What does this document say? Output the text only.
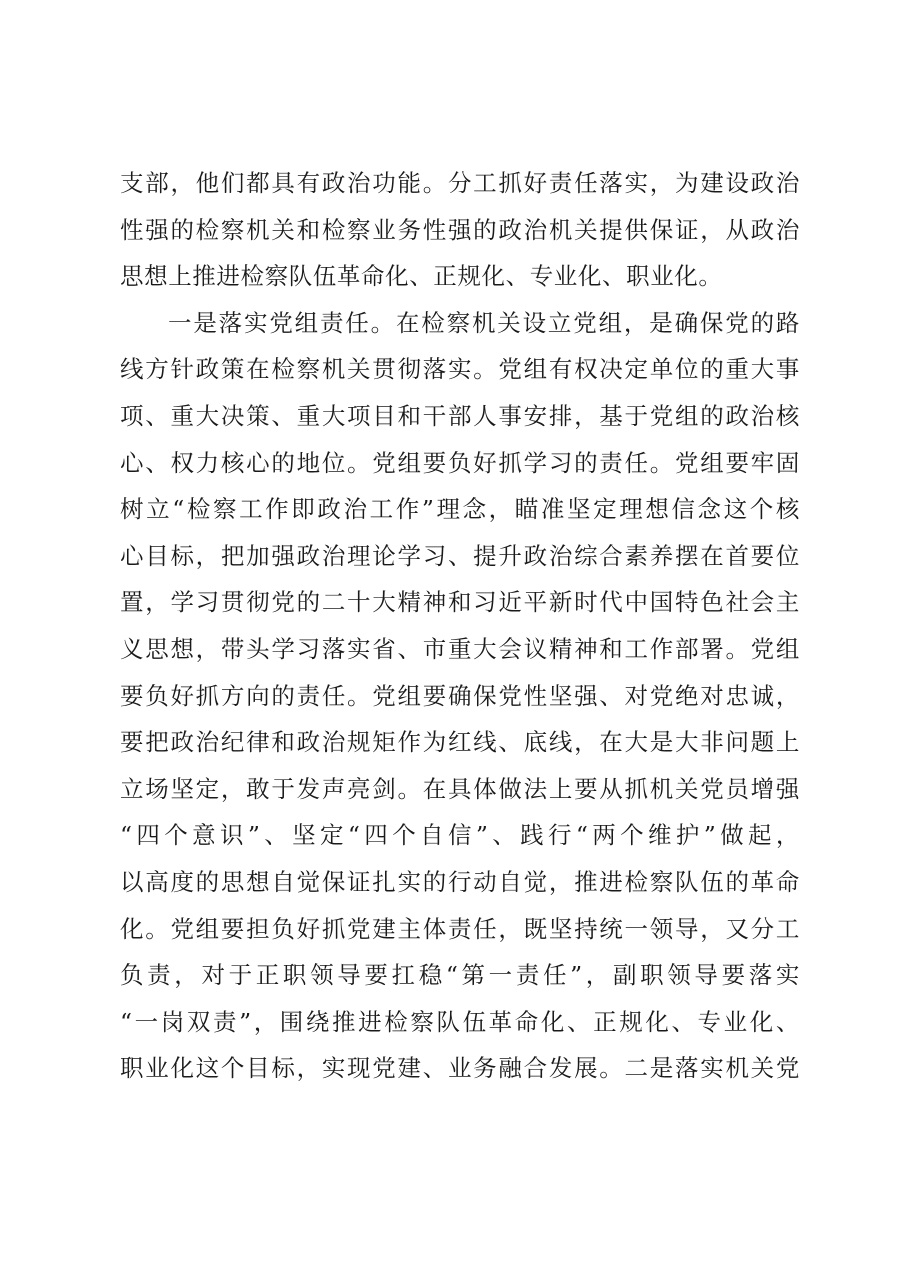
支部，他们都具有政治功能。分工抓好责任落实，为建设政治
性强的检察机关和检察业务性强的政治机关提供保证，从政治
思想上推进检察队伍革命化、正规化、专业化、职业化。
一是落实党组责任。在检察机关设立党组，是确保党的路
线方针政策在检察机关贯彻落实。党组有权决定单位的重大事
项、重大决策、重大项目和干部人事安排，基于党组的政治核
心、权力核心的地位。党组要负好抓学习的责任。党组要牢固
树立“检察工作即政治工作”理念，瞄准坚定理想信念这个核
心目标，把加强政治理论学习、提升政治综合素养摆在首要位
置，学习贯彻党的二十大精神和习近平新时代中国特色社会主
义思想，带头学习落实省、市重大会议精神和工作部署。党组
要负好抓方向的责任。党组要确保党性坚强、对党绝对忠诚，
要把政治纪律和政治规矩作为红线、底线，在大是大非问题上
立场坚定，敢于发声亮剑。在具体做法上要从抓机关党员增强
“四个意识”、坚定“四个自信”、践行“两个维护”做起，
以高度的思想自觉保证扎实的行动自觉，推进检察队伍的革命
化。党组要担负好抓党建主体责任，既坚持统一领导，又分工
负责，对于正职领导要扛稳“第一责任”，副职领导要落实
“一岗双责”，围绕推进检察队伍革命化、正规化、专业化、
职业化这个目标，实现党建、业务融合发展。二是落实机关党
